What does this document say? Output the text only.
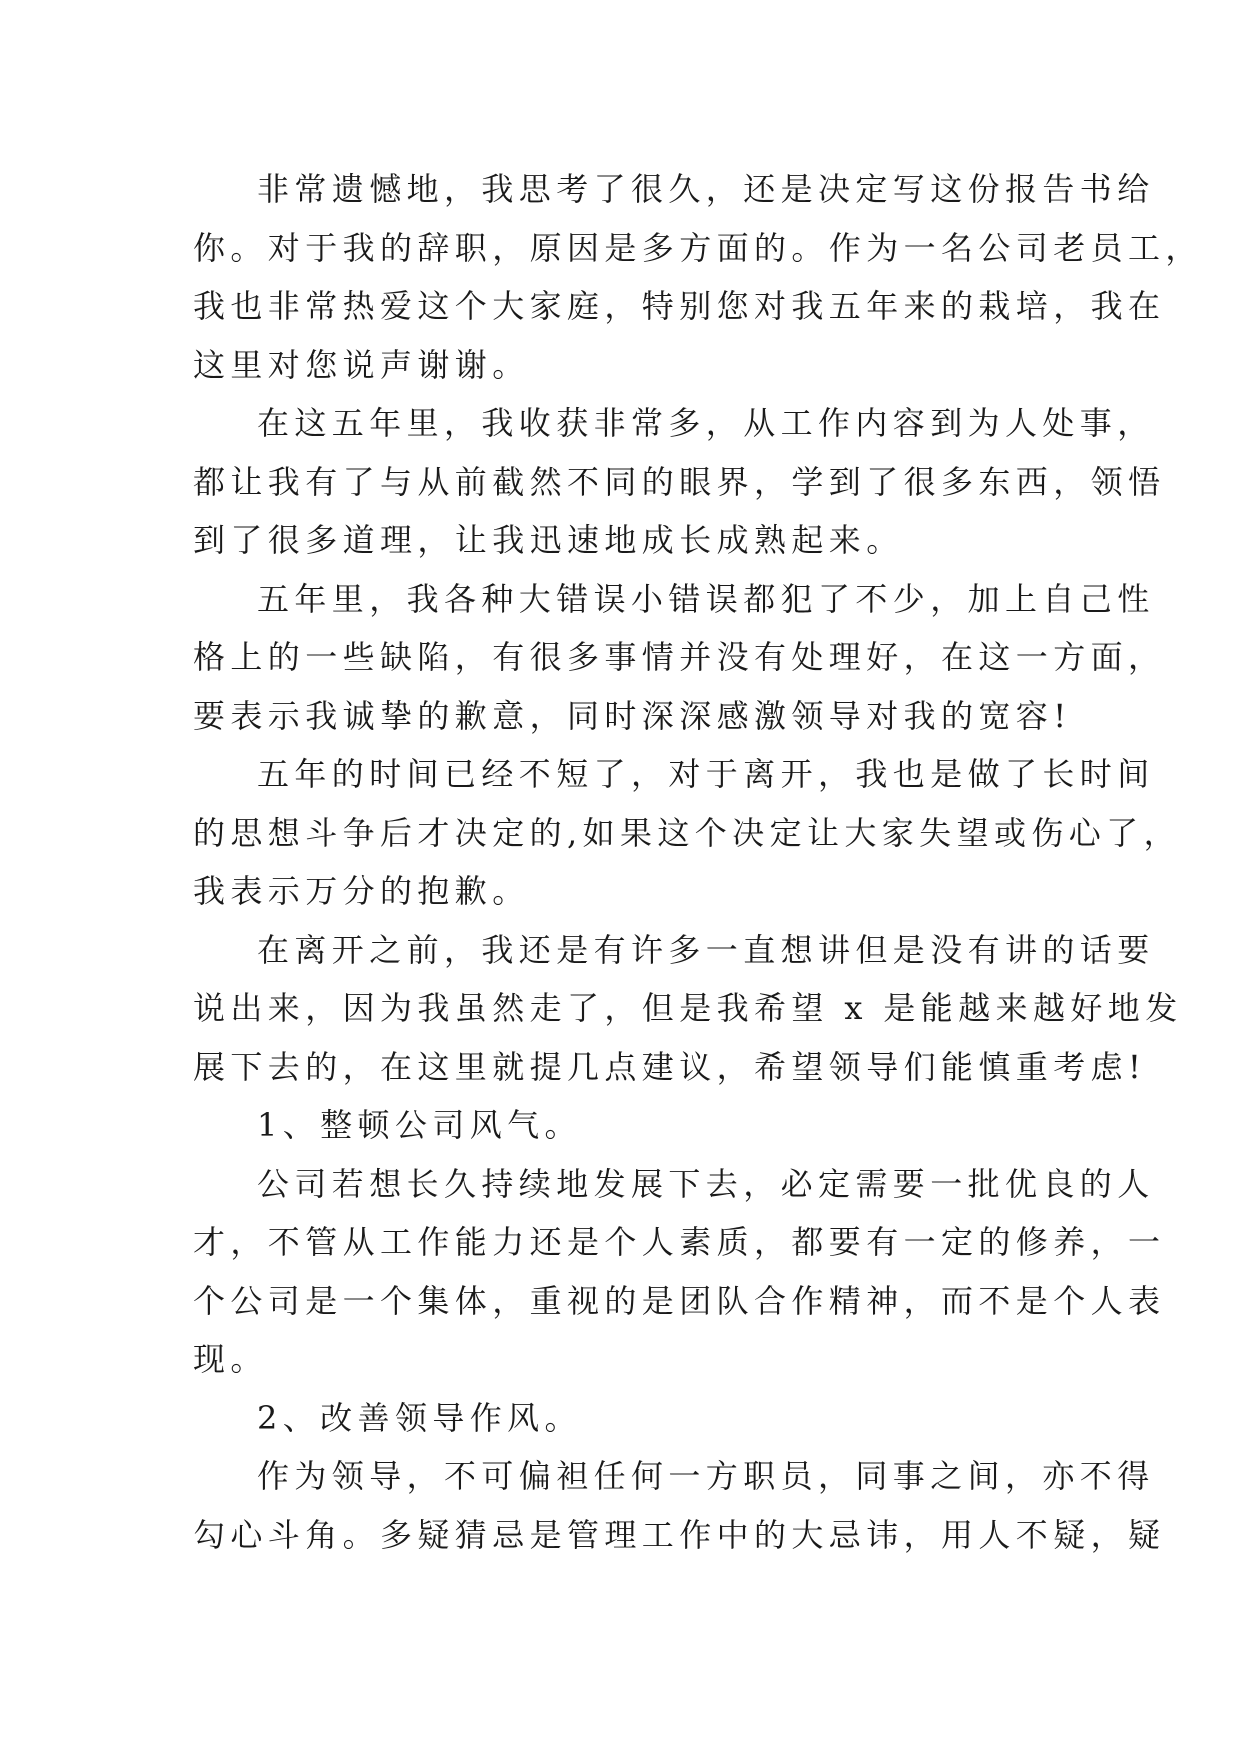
非常遗憾地，我思考了很久，还是决定写这份报告书给
你。对于我的辞职，原因是多方面的。作为一名公司老员工，
我也非常热爱这个大家庭，特别您对我五年来的栽培，我在
这里对您说声谢谢。

在这五年里，我收获非常多，从工作内容到为人处事，
都让我有了与从前截然不同的眼界，学到了很多东西，领悟
到了很多道理，让我迅速地成长成熟起来。

五年里，我各种大错误小错误都犯了不少，加上自己性
格上的一些缺陷，有很多事情并没有处理好，在这一方面，
要表示我诚挚的歉意，同时深深感激领导对我的宽容!

五年的时间已经不短了，对于离开，我也是做了长时间
的思想斗争后才决定的,如果这个决定让大家失望或伤心了，
我表示万分的抱歉。

在离开之前，我还是有许多一直想讲但是没有讲的话要
说出来，因为我虽然走了，但是我希望 x 是能越来越好地发
展下去的，在这里就提几点建议，希望领导们能慎重考虑!

1、整顿公司风气。

公司若想长久持续地发展下去，必定需要一批优良的人
才，不管从工作能力还是个人素质，都要有一定的修养，一
个公司是一个集体，重视的是团队合作精神，而不是个人表
现。

2、改善领导作风。

作为领导，不可偏袒任何一方职员，同事之间，亦不得
勾心斗角。多疑猜忌是管理工作中的大忌讳，用人不疑，疑
